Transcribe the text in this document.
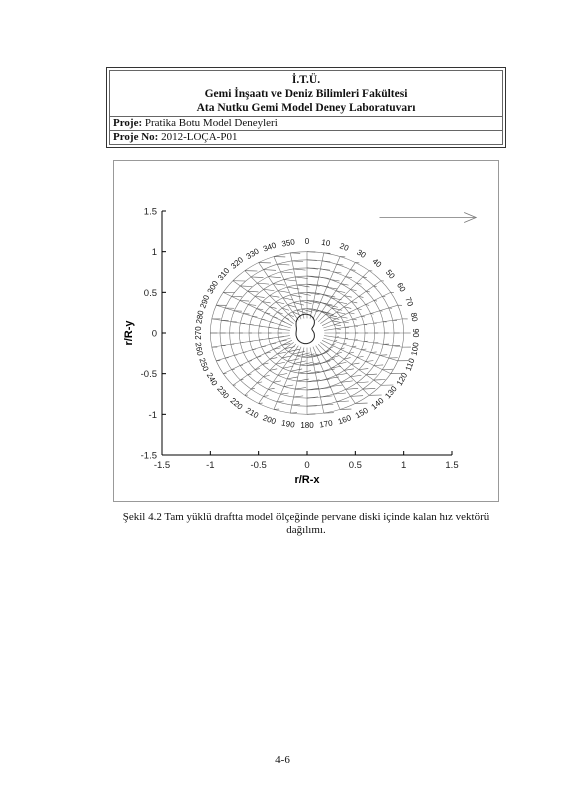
İ.T.Ü.
Gemi İnşaatı ve Deniz Bilimleri Fakültesi
Ata Nutku Gemi Model Deney Laboratuvarı
Proje: Pratika Botu Model Deneyleri
Proje No: 2012-LOÇA-P01
-1.5	-1	-0.5	0	0.5	1	1.5
1.5
1
0.5
0
-0.5
-1
-1.5
r/R-x
r/R-y
0 10 20
30
40
50
60
70
80
90
100
110
120
130
140
150
160
170
180
190
200
210
220
230
240
250
260
270
280
290
300
310
320
330 340 350
Şekil 4.2 Tam yüklü draftta model ölçeğinde pervane diski içinde kalan hız vektörü
dağılımı.
4-6
